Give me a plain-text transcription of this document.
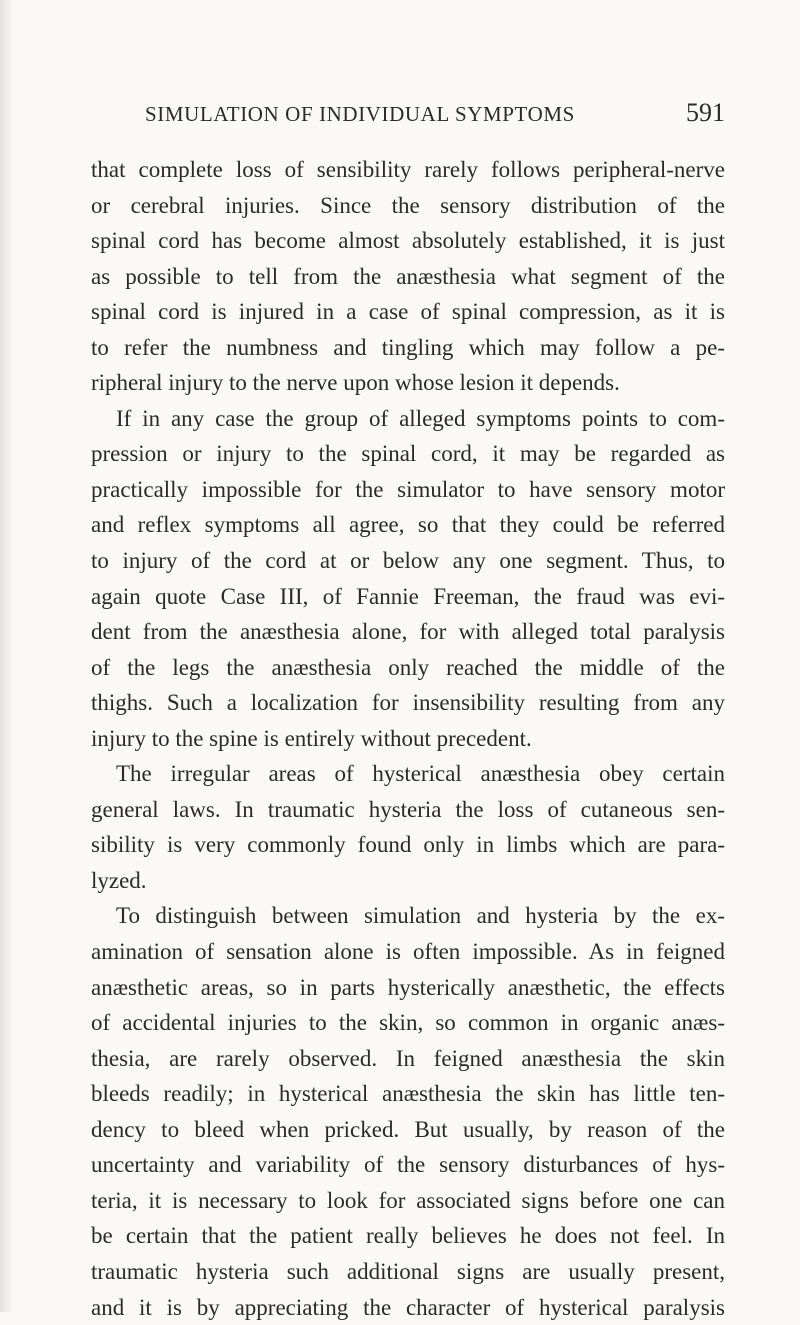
SIMULATION OF INDIVIDUAL SYMPTOMS	591
that complete loss of sensibility rarely follows peripheral-nerve
or cerebral injuries. Since the sensory distribution of the
spinal cord has become almost absolutely established, it is just
as possible to tell from the anæsthesia what segment of the
spinal cord is injured in a case of spinal compression, as it is
to refer the numbness and tingling which may follow a pe-
ripheral injury to the nerve upon whose lesion it depends.
If in any case the group of alleged symptoms points to com-
pression or injury to the spinal cord, it may be regarded as
practically impossible for the simulator to have sensory motor
and reflex symptoms all agree, so that they could be referred
to injury of the cord at or below any one segment. Thus, to
again quote Case III, of Fannie Freeman, the fraud was evi-
dent from the anæsthesia alone, for with alleged total paralysis
of the legs the anæsthesia only reached the middle of the
thighs. Such a localization for insensibility resulting from any
injury to the spine is entirely without precedent.
The irregular areas of hysterical anæsthesia obey certain
general laws. In traumatic hysteria the loss of cutaneous sen-
sibility is very commonly found only in limbs which are para-
lyzed.
To distinguish between simulation and hysteria by the ex-
amination of sensation alone is often impossible. As in feigned
anæsthetic areas, so in parts hysterically anæsthetic, the effects
of accidental injuries to the skin, so common in organic anæs-
thesia, are rarely observed. In feigned anæsthesia the skin
bleeds readily; in hysterical anæsthesia the skin has little ten-
dency to bleed when pricked. But usually, by reason of the
uncertainty and variability of the sensory disturbances of hys-
teria, it is necessary to look for associated signs before one can
be certain that the patient really believes he does not feel. In
traumatic hysteria such additional signs are usually present,
and it is by appreciating the character of hysterical paralysis
